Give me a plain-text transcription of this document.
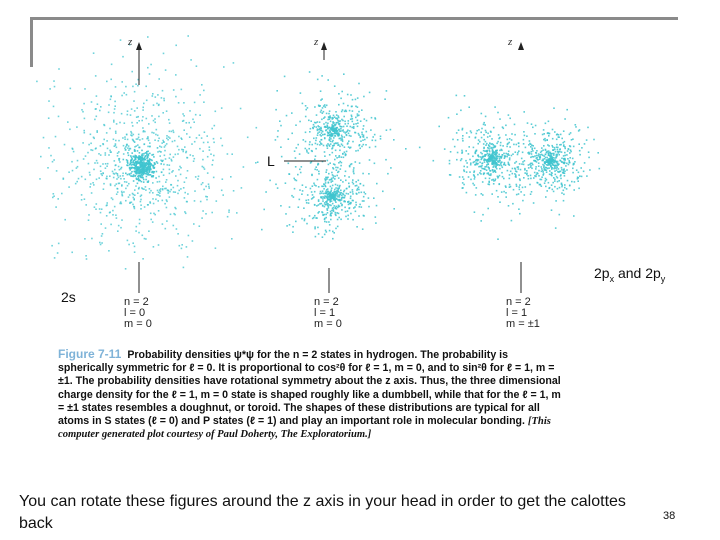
z	z	z
L
2s
$2p_x$ and $2p_y$
n = 2
l = 0
m = 0
n = 2
l = 1
m = 0
n = 2
l = 1
m = ±1
Figure 7-11 Probability densities ψ*ψ for the n = 2 states in hydrogen. The probability is spherically symmetric for ℓ = 0. It is proportional to cos²θ for ℓ = 1, m = 0, and to sin²θ for ℓ = 1, m = ±1. The probability densities have rotational symmetry about the z axis. Thus, the three dimensional charge density for the ℓ = 1, m = 0 state is shaped roughly like a dumbbell, while that for the ℓ = 1, m = ±1 states resembles a doughnut, or toroid. The shapes of these distributions are typical for all atoms in S states (ℓ = 0) and P states (ℓ = 1) and play an important role in molecular bonding. [This computer generated plot courtesy of Paul Doherty, The Exploratorium.]
You can rotate these figures around the z axis in your head in order to get the calottes back	38
